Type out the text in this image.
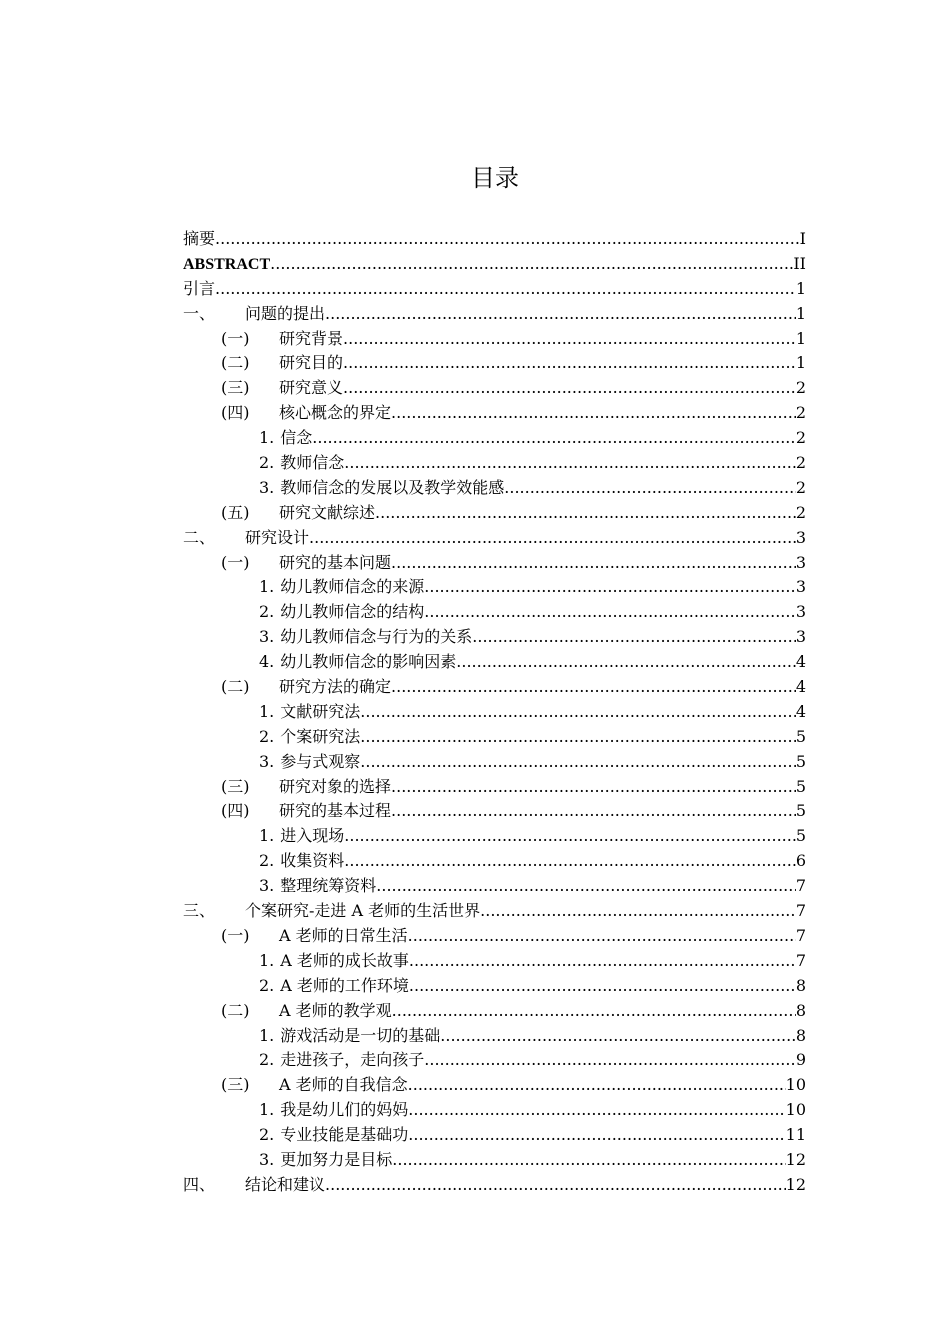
目录
摘要 .....	I
ABSTRACT .....	II
引言 .....	1
一、	问题的提出 .....	1
(一)	研究背景 .....	1
(二)	研究目的 .....	1
(三)	研究意义 .....	2
(四)	核心概念的界定 .....	2
1. 信念 .....	2
2. 教师信念 .....	2
3. 教师信念的发展以及教学效能感 .....	2
(五)	研究文献综述 .....	2
二、	研究设计 .....	3
(一)	研究的基本问题 .....	3
1. 幼儿教师信念的来源 .....	3
2. 幼儿教师信念的结构 .....	3
3. 幼儿教师信念与行为的关系 .....	3
4. 幼儿教师信念的影响因素 .....	4
(二)	研究方法的确定 .....	4
1. 文献研究法 .....	4
2. 个案研究法 .....	5
3. 参与式观察 .....	5
(三)	研究对象的选择 .....	5
(四)	研究的基本过程 .....	5
1. 进入现场 .....	5
2. 收集资料 .....	6
3. 整理统筹资料 .....	7
三、	个案研究-走进 A 老师的生活世界 .....	7
(一)	A 老师的日常生活 .....	7
1. A 老师的成长故事 .....	7
2. A 老师的工作环境 .....	8
(二)	A 老师的教学观 .....	8
1. 游戏活动是一切的基础 .....	8
2. 走进孩子，走向孩子 .....	9
(三)	A 老师的自我信念 .....	10
1. 我是幼儿们的妈妈 .....	10
2. 专业技能是基础功 .....	11
3. 更加努力是目标 .....	12
四、	结论和建议 .....	12
